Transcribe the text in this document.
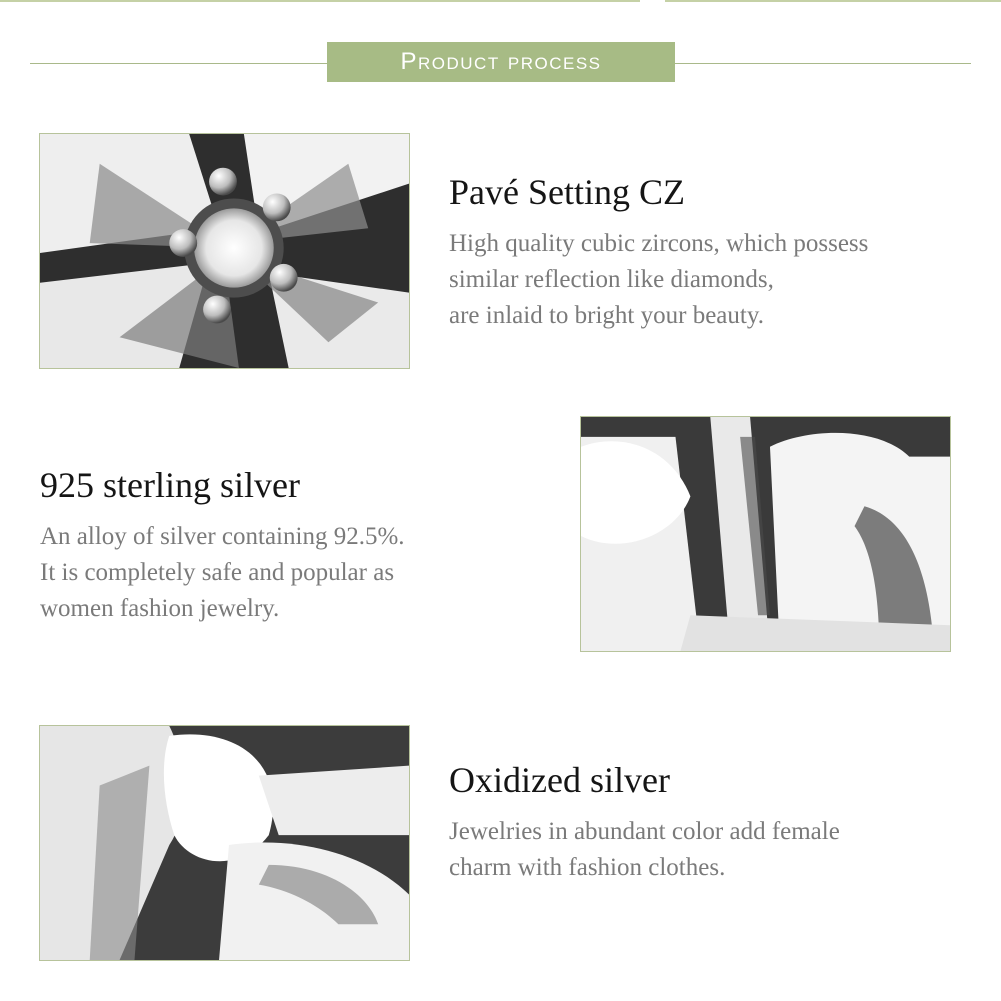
Product process
Pavé Setting CZ
High quality cubic zircons, which possess
similar reflection like diamonds,
are inlaid to bright your beauty.
925 sterling silver
An alloy of silver containing 92.5%.
It is completely safe and popular as
women fashion jewelry.
Oxidized silver
Jewelries in abundant color add female
charm with fashion clothes.
